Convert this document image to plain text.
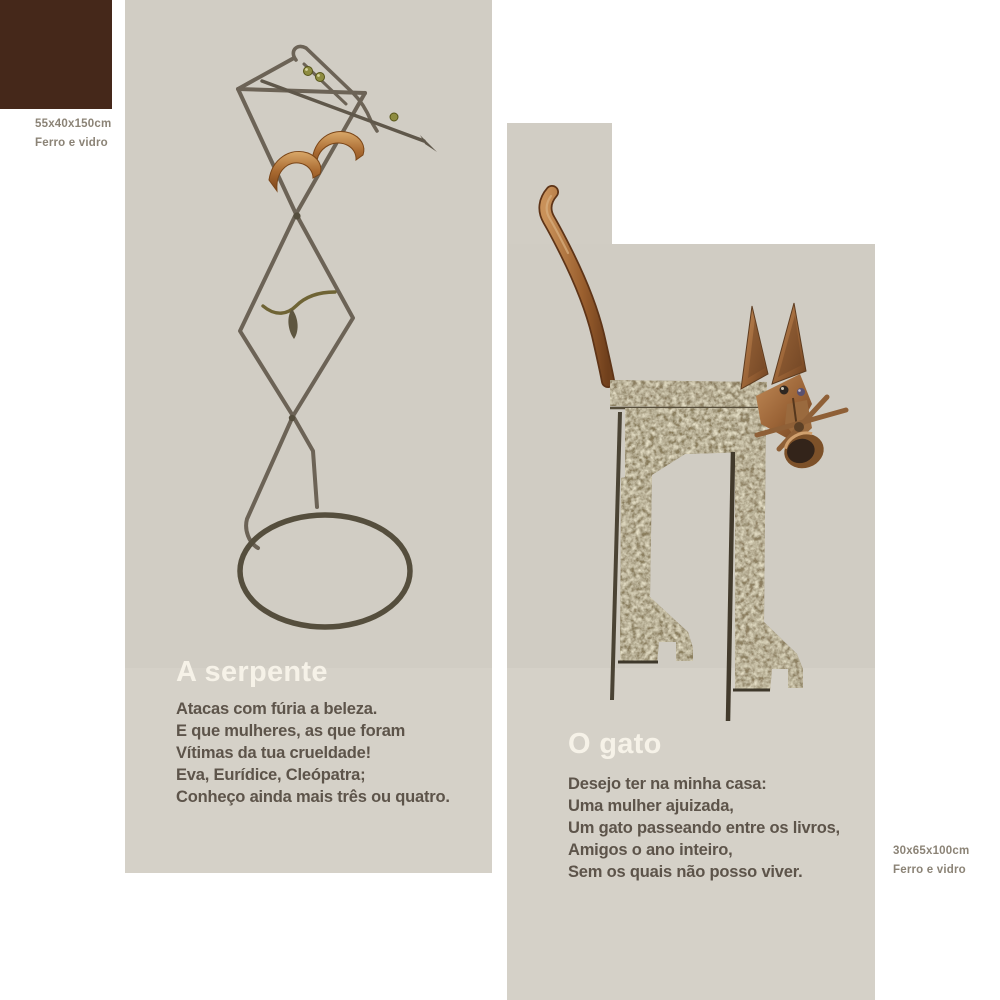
55x40x150cm
Ferro e vidro
A serpente
Atacas com fúria a beleza.
E que mulheres, as que foram
Vítimas da tua crueldade!
Eva, Eurídice, Cleópatra;
Conheço ainda mais três ou quatro.
O gato
Desejo ter na minha casa:
Uma mulher ajuizada,
Um gato passeando entre os livros,
Amigos o ano inteiro,
Sem os quais não posso viver.
30x65x100cm
Ferro e vidro
